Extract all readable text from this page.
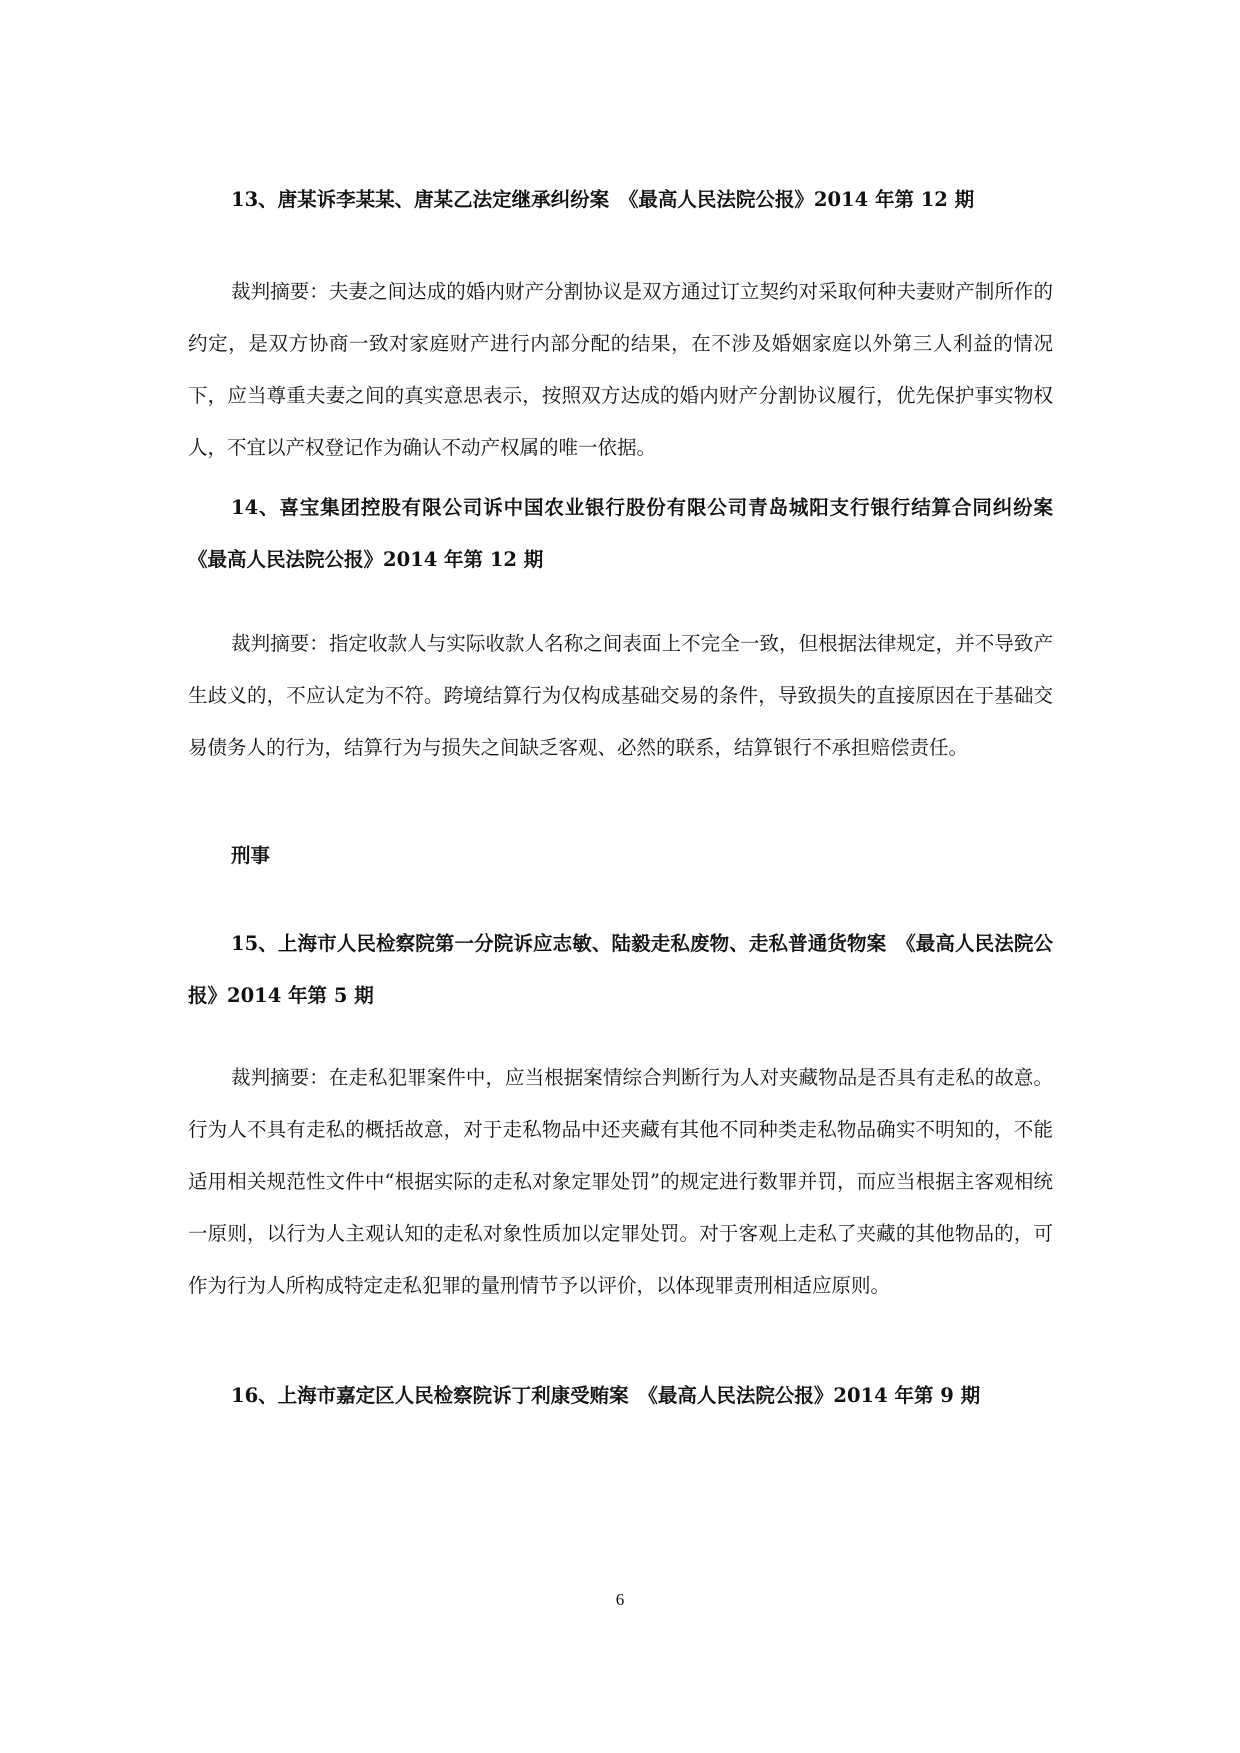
13、唐某诉李某某、唐某乙法定继承纠纷案　《最高人民法院公报》2014 年第 12 期

裁判摘要：夫妻之间达成的婚内财产分割协议是双方通过订立契约对采取何种夫妻财产制所作的约定，是双方协商一致对家庭财产进行内部分配的结果，在不涉及婚姻家庭以外第三人利益的情况下，应当尊重夫妻之间的真实意思表示，按照双方达成的婚内财产分割协议履行，优先保护事实物权人，不宜以产权登记作为确认不动产权属的唯一依据。

14、喜宝集团控股有限公司诉中国农业银行股份有限公司青岛城阳支行银行结算合同纠纷案　《最高人民法院公报》2014 年第 12 期

裁判摘要：指定收款人与实际收款人名称之间表面上不完全一致，但根据法律规定，并不导致产生歧义的，不应认定为不符。跨境结算行为仅构成基础交易的条件，导致损失的直接原因在于基础交易债务人的行为，结算行为与损失之间缺乏客观、必然的联系，结算银行不承担赔偿责任。

刑事

15、上海市人民检察院第一分院诉应志敏、陆毅走私废物、走私普通货物案　《最高人民法院公报》2014 年第 5 期

裁判摘要：在走私犯罪案件中，应当根据案情综合判断行为人对夹藏物品是否具有走私的故意。行为人不具有走私的概括故意，对于走私物品中还夹藏有其他不同种类走私物品确实不明知的，不能适用相关规范性文件中“根据实际的走私对象定罪处罚”的规定进行数罪并罚，而应当根据主客观相统一原则，以行为人主观认知的走私对象性质加以定罪处罚。对于客观上走私了夹藏的其他物品的，可作为行为人所构成特定走私犯罪的量刑情节予以评价，以体现罪责刑相适应原则。

16、上海市嘉定区人民检察院诉丁利康受贿案　《最高人民法院公报》2014 年第 9 期

6
